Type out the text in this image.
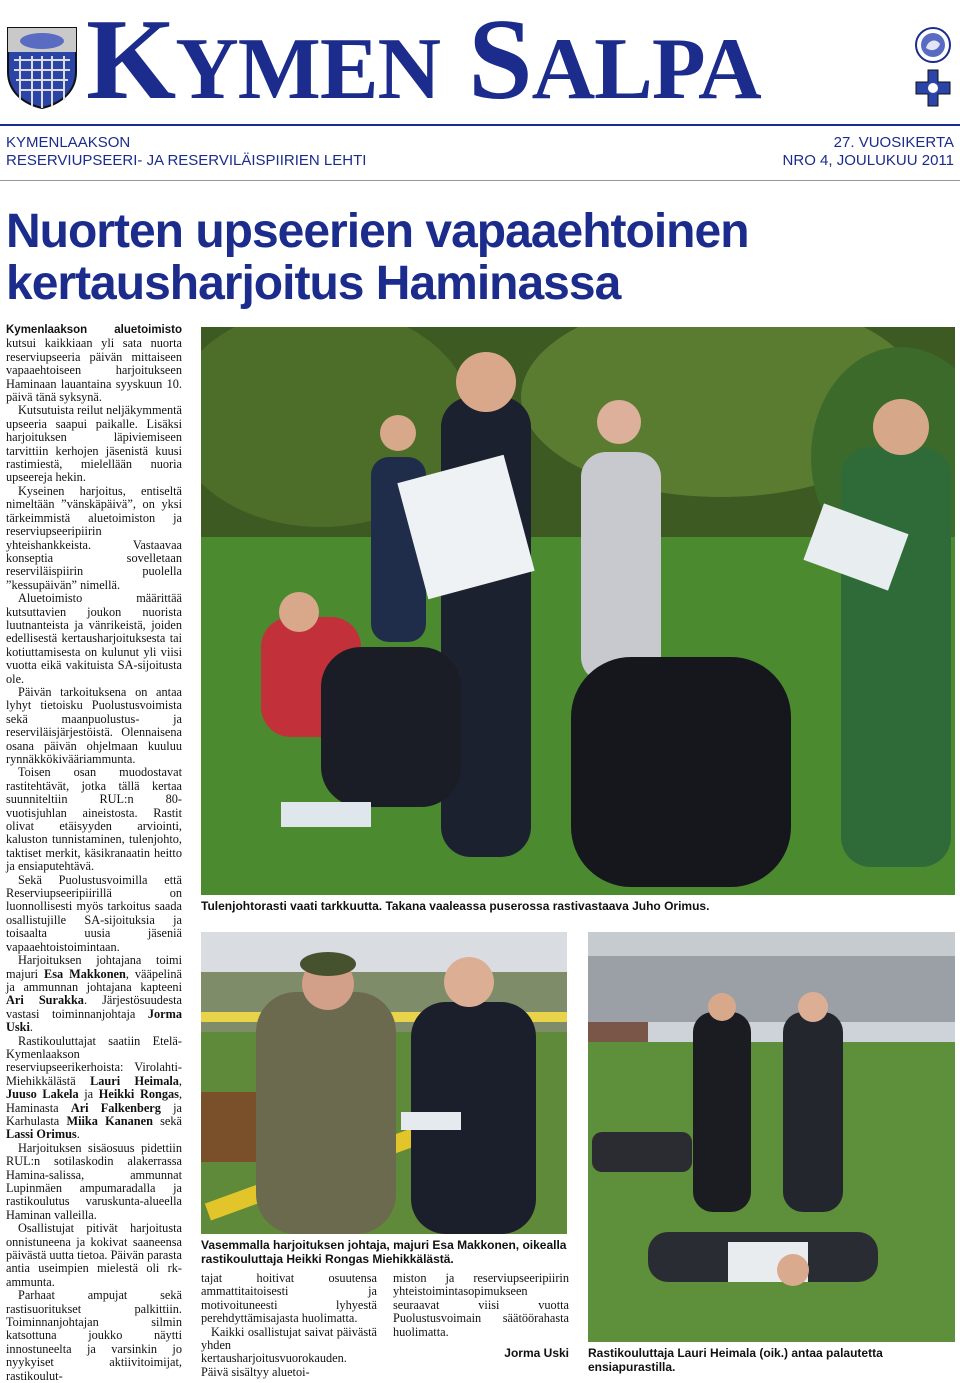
KYMEN SALPA
KYMENLAAKSON
RESERVIUPSEERI- JA RESERVILÄISPIIRIEN LEHTI
27. VUOSIKERTA
NRO 4, JOULUKUU 2011
Nuorten upseerien vapaaehtoinen
kertausharjoitus Haminassa

Kymenlaakson aluetoimisto kutsui kaikkiaan yli sata nuorta reserviupseeria päivän mittaiseen vapaaehtoiseen harjoitukseen Haminaan lauantaina syyskuun 10. päivä tänä syksynä.

Kutsutuista reilut neljäkymmentä upseeria saapui paikalle. Lisäksi harjoituksen läpiviemiseen tarvittiin kerhojen jäsenistä kuusi rastimiestä, mielellään nuoria upseereja hekin.

Kyseinen harjoitus, entiseltä nimeltään ”vänskäpäivä”, on yksi tärkeimmistä aluetoimiston ja reserviupseeripiirin yhteishankkeista. Vastaavaa konseptia sovelletaan reserviläispiirin puolella ”kessupäivän” nimellä.

Aluetoimisto määrittää kutsuttavien joukon nuorista luutnanteista ja vänrikeistä, joiden edellisestä kertausharjoituksesta tai kotiuttamisesta on kulunut yli viisi vuotta eikä vakituista SA-sijoitusta ole.

Päivän tarkoituksena on antaa lyhyt tietoisku Puolustusvoimista sekä maanpuolustus- ja reserviläisjärjestöistä. Olennaisena osana päivän ohjelmaan kuuluu rynnäkkökivääriammunta.

Toisen osan muodostavat rastitehtävät, jotka tällä kertaa suunniteltiin RUL:n 80-vuotisjuhlan aineistosta. Rastit olivat etäisyyden arviointi, kaluston tunnistaminen, tulenjohto, taktiset merkit, käsikranaatin heitto ja ensiaputehtävä.

Sekä Puolustusvoimilla että Reserviupseeripiirillä on luonnollisesti myös tarkoitus saada osallistujille SA-sijoituksia ja toisaalta uusia jäseniä vapaaehtoistoimintaan.

Harjoituksen johtajana toimi majuri Esa Makkonen, vääpelinä ja ammunnan johtajana kapteeni Ari Surakka. Järjestösuudesta vastasi toiminnanjohtaja Jorma Uski.

Rastikouluttajat saatiin Etelä-Kymenlaakson reserviupseerikerhoista: Virolahti-Miehikkälästä Lauri Heimala, Juuso Lakela ja Heikki Rongas, Haminasta Ari Falkenberg ja Karhulasta Miika Kananen sekä Lassi Orimus.

Harjoituksen sisäosuus pidettiin RUL:n sotilaskodin alakerrassa Hamina-salissa, ammunnat Lupinmäen ampumaradalla ja rastikoulutus varuskunta-alueella Haminan valleilla.

Osallistujat pitivät harjoitusta onnistuneena ja kokivat saaneensa päivästä uutta tietoa. Päivän parasta antia useimpien mielestä oli rk-ammunta.

Parhaat ampujat sekä rastisuoritukset palkittiin. Toiminnanjohtajan silmin katsottuna joukko näytti innostuneelta ja varsinkin jo nyykyiset aktiivitoimijat, rastikoulut-

Tulenjohtorasti vaati tarkkuutta. Takana vaaleassa puserossa rastivastaava Juho Orimus.
Vasemmalla harjoituksen johtaja, majuri Esa Makkonen, oikealla rastikouluttaja Heikki Rongas Miehikkälästä.
Rastikouluttaja Lauri Heimala (oik.) antaa palautetta ensiapurastilla.

tajat hoitivat osuutensa ammattitaitoisesti ja motivoituneesti lyhyestä perehdyttämisajasta huolimatta.

Kaikki osallistujat saivat päivästä yhden kertausharjoitusvuorokauden. Päivä sisältyy aluetoi-

miston ja reserviupseeripiirin yhteistoimintasopimukseen seuraavat viisi vuotta Puolustusvoimain säätöörahasta huolimatta.

Jorma Uski
